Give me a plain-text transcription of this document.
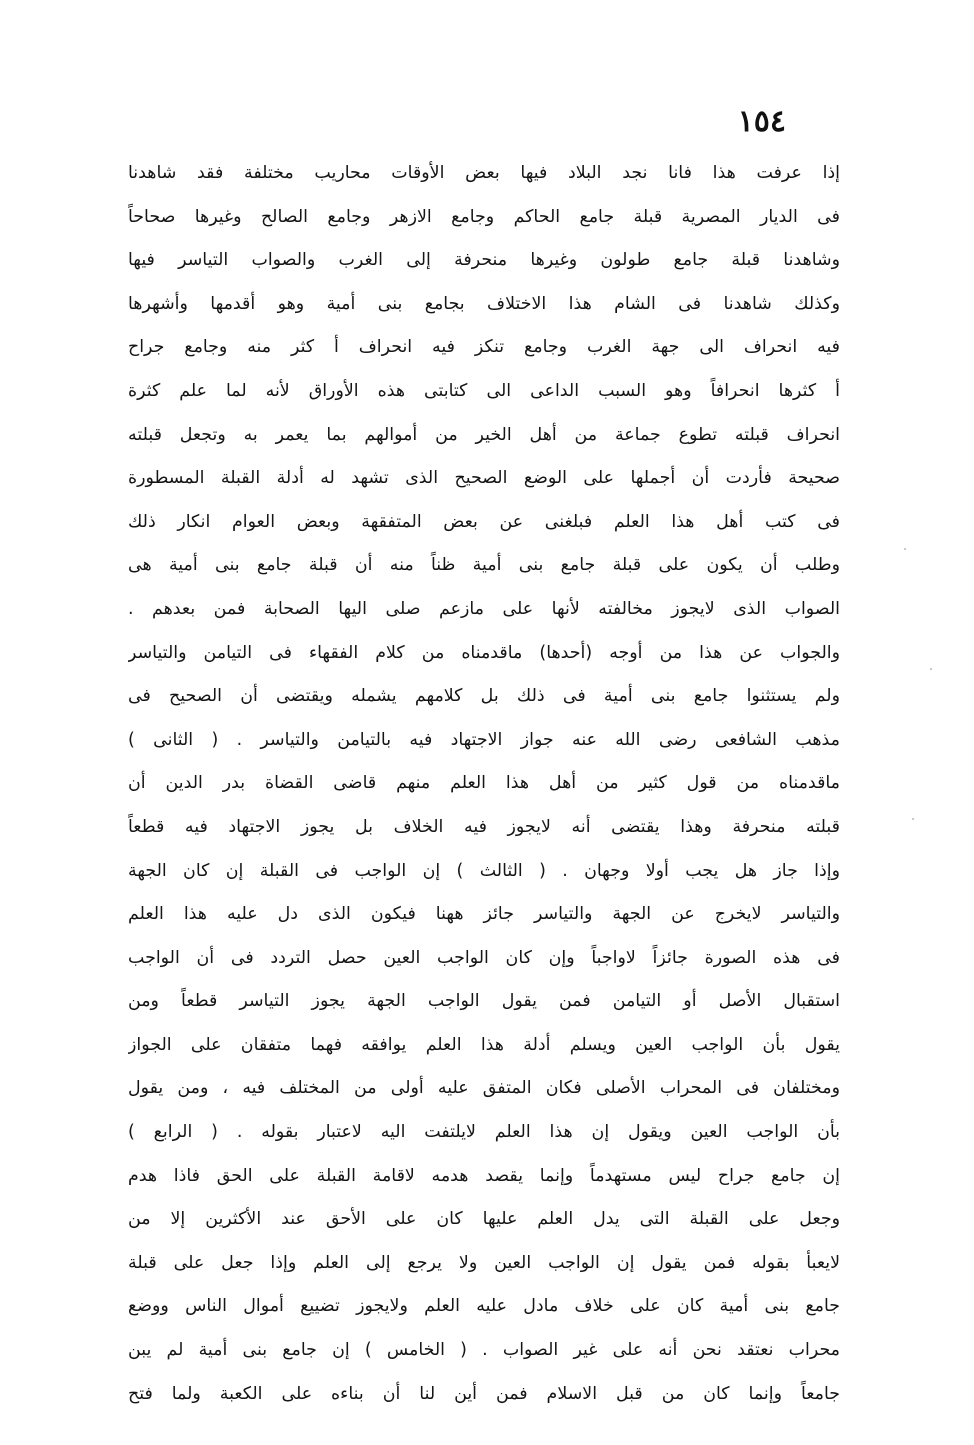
١٥٤
إذا عرفت هذا فانا نجد البلاد فيها بعض الأوقات محاريب مختلفة فقد شاهدنا
فى الديار المصرية قبلة جامع الحاكم وجامع الازهر وجامع الصالح وغيرها صحاحاً
وشاهدنا قبلة جامع طولون وغيرها منحرفة إلى الغرب والصواب التياسر فيها
وكذلك شاهدنا فى الشام هذا الاختلاف بجامع بنى أمية وهو أقدمها وأشهرها
فيه انحراف الى جهة الغرب وجامع تنكز فيه انحراف أ كثر منه وجامع جراح
أ كثرها انحرافاً وهو السبب الداعى الى كتابتى هذه الأوراق لأنه لما علم كثرة
انحراف قبلته تطوع جماعة من أهل الخير من أموالهم بما يعمر به وتجعل قبلته
صحيحة فأردت أن أجملها على الوضع الصحيح الذى تشهد له أدلة القبلة المسطورة
فى كتب أهل هذا العلم فبلغنى عن بعض المتفقهة وبعض العوام انكار ذلك
وطلب أن يكون على قبلة جامع بنى أمية ظناً منه أن قبلة جامع بنى أمية هى
الصواب الذى لايجوز مخالفته لأنها على مازعم صلى اليها الصحابة فمن بعدهم .
والجواب عن هذا من أوجه (أحدها) ماقدمناه من كلام الفقهاء فى التيامن والتياسر
ولم يستثنوا جامع بنى أمية فى ذلك بل كلامهم يشمله ويقتضى أن الصحيح فى
مذهب الشافعى رضى الله عنه جواز الاجتهاد فيه بالتيامن والتياسر . ( الثانى )
ماقدمناه من قول كثير من أهل هذا العلم منهم قاضى القضاة بدر الدين أن
قبلته منحرفة وهذا يقتضى أنه لايجوز فيه الخلاف بل يجوز الاجتهاد فيه قطعاً
وإذا جاز هل يجب أولا وجهان . ( الثالث ) إن الواجب فى القبلة إن كان الجهة
والتياسر لايخرج عن الجهة والتياسر جائز ههنا فيكون الذى دل عليه هذا العلم
فى هذه الصورة جائزاً لاواجباً وإن كان الواجب العين حصل التردد فى أن الواجب
استقبال الأصل أو التيامن فمن يقول الواجب الجهة يجوز التياسر قطعاً ومن
يقول بأن الواجب العين ويسلم أدلة هذا العلم يوافقه فهما متفقان على الجواز
ومختلفان فى المحراب الأصلى فكان المتفق عليه أولى من المختلف فيه ، ومن يقول
بأن الواجب العين ويقول إن هذا العلم لايلتفت اليه لاعتبار بقوله . ( الرابع )
إن جامع جراح ليس مستهدماً وإنما يقصد هدمه لاقامة القبلة على الحق فاذا هدم
وجعل على القبلة التى يدل العلم عليها كان على الأحق عند الأكثرين إلا من
لايعبأ بقوله فمن يقول إن الواجب العين ولا يرجع إلى العلم وإذا جعل على قبلة
جامع بنى أمية كان على خلاف مادل عليه العلم ولايجوز تضييع أموال الناس ووضع
محراب نعتقد نحن أنه على غير الصواب . ( الخامس ) إن جامع بنى أمية لم يبن
جامعاً وإنما كان من قبل الاسلام فمن أين لنا أن بناءه على الكعبة ولما فتح
